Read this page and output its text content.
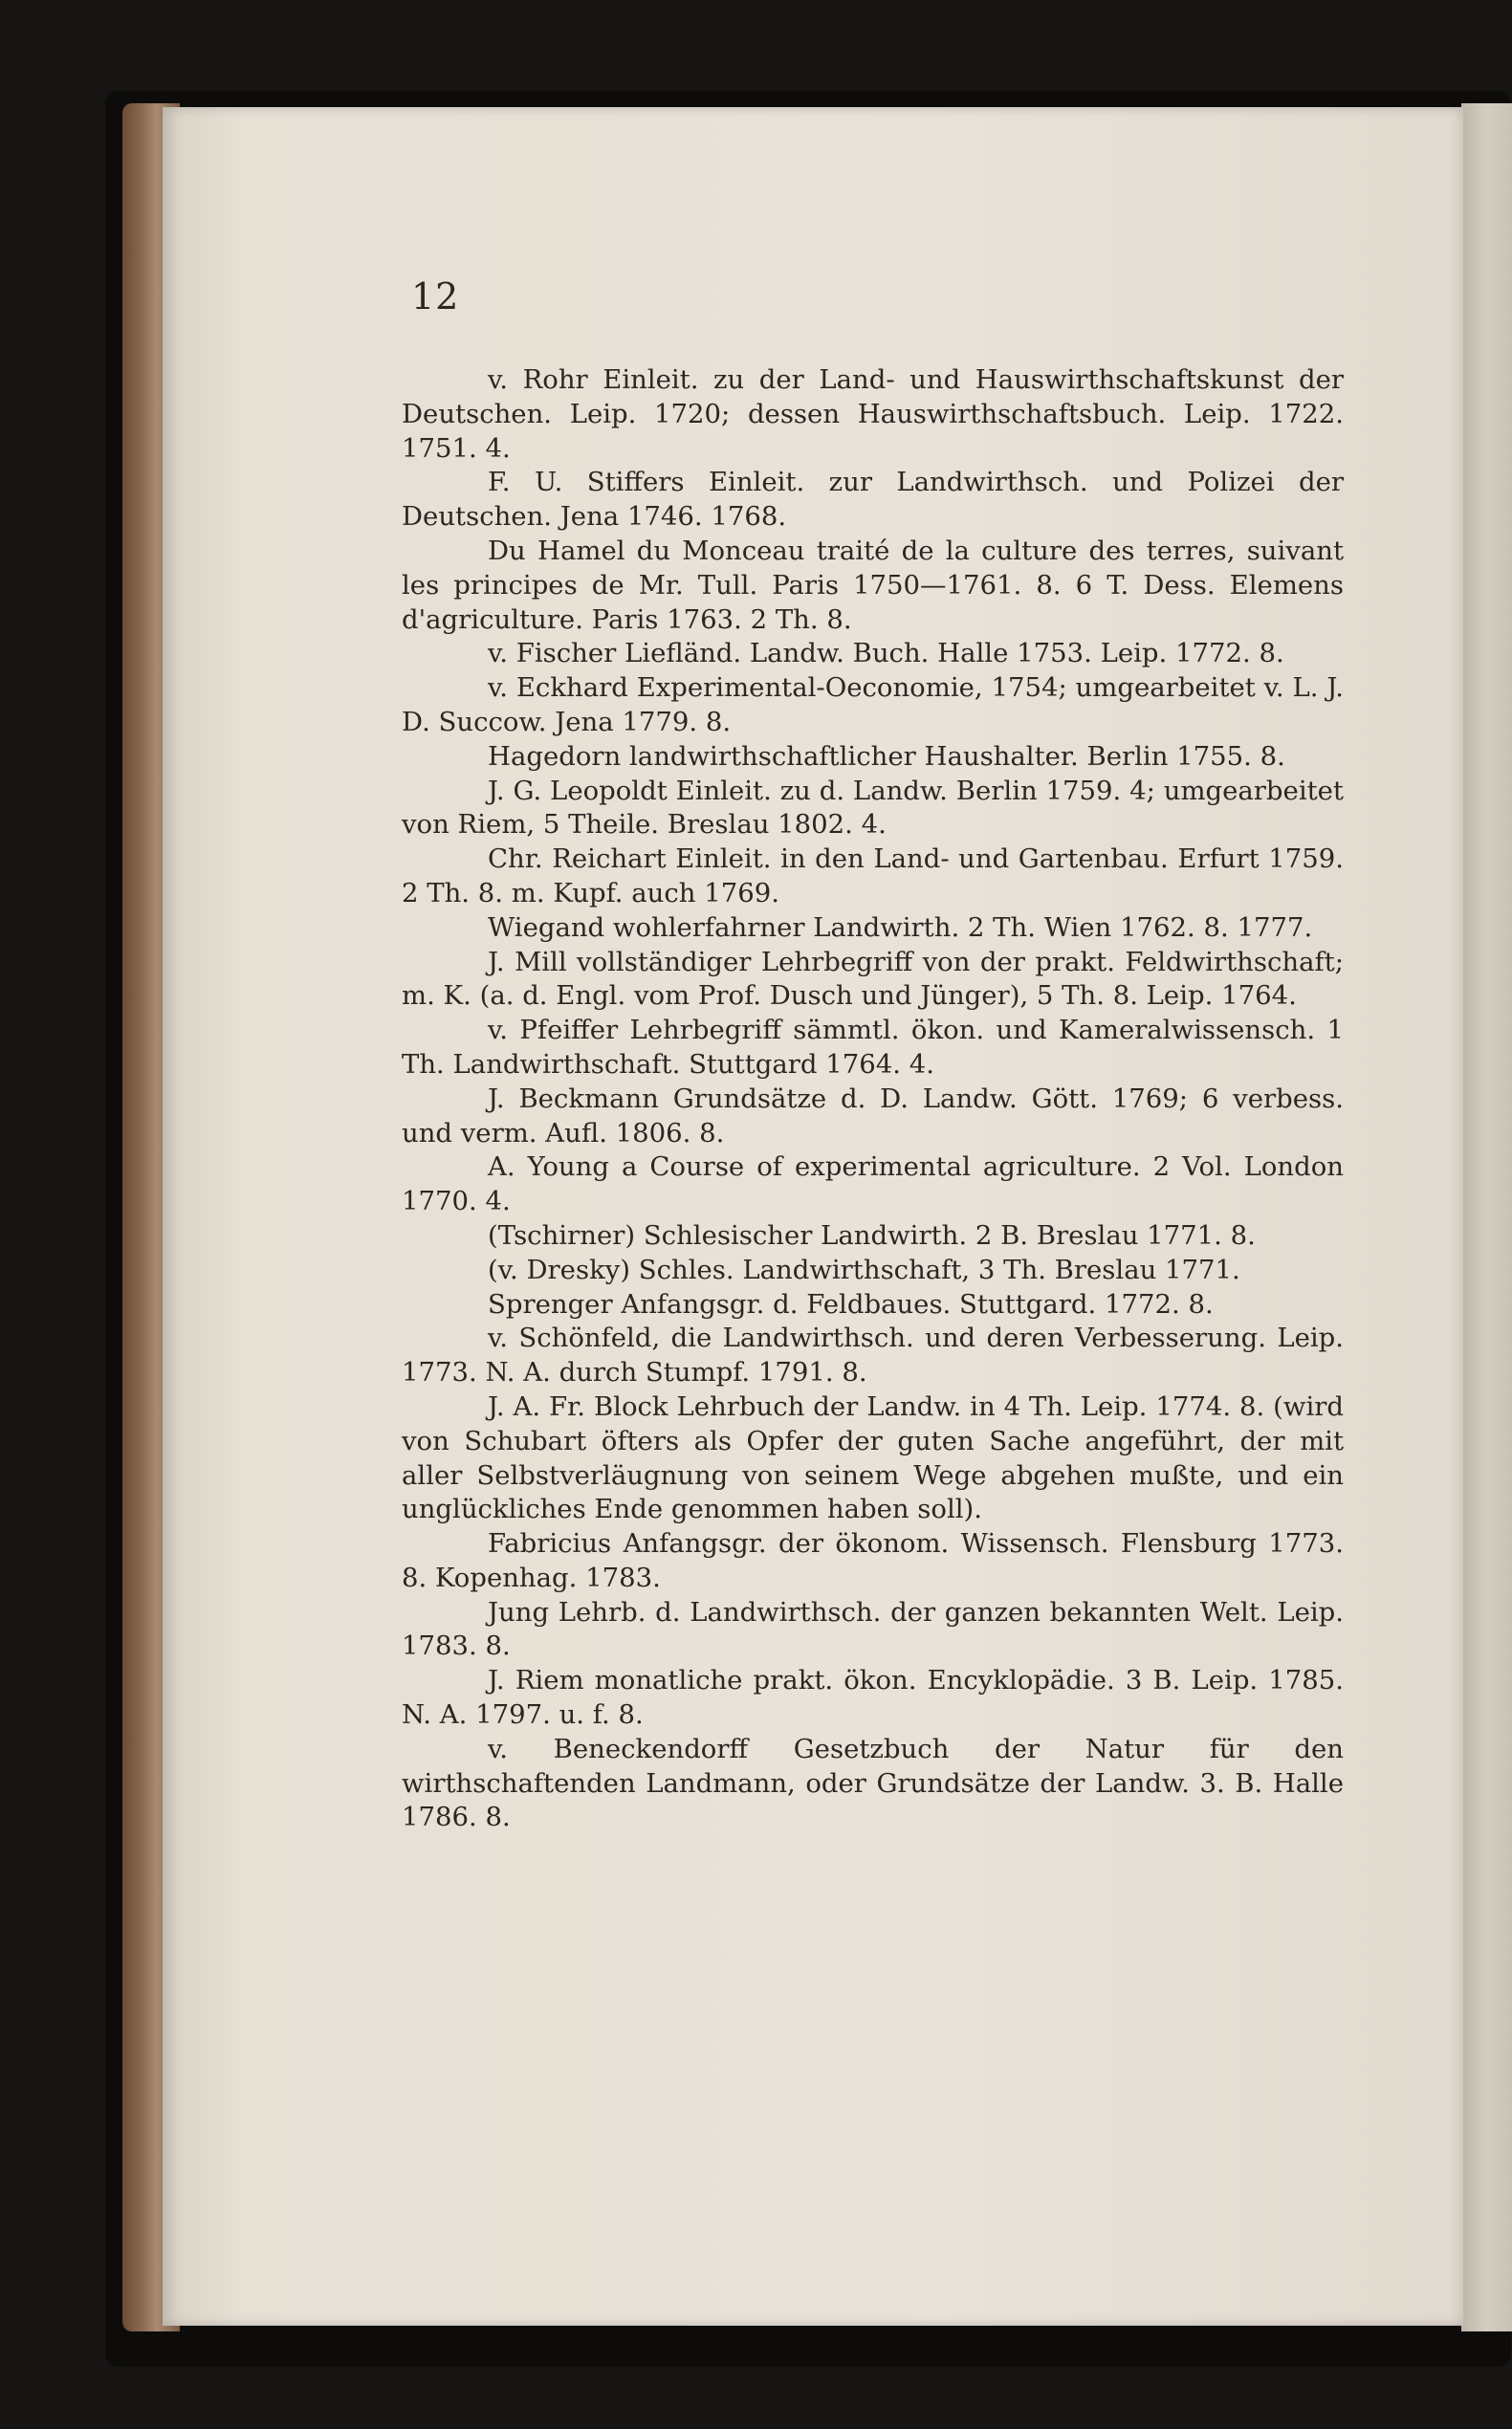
12

v. Rohr Einleit. zu der Land- und Hauswirthschaftskunst der Deutschen. Leip. 1720; dessen Hauswirthschaftsbuch. Leip. 1722. 1751. 4.

F. U. Stiffers Einleit. zur Landwirthsch. und Polizei der Deutschen. Jena 1746. 1768.

Du Hamel du Monceau traité de la culture des terres, suivant les principes de Mr. Tull. Paris 1750—1761. 8. 6 T. Dess. Elemens d'agriculture. Paris 1763. 2 Th. 8.

v. Fischer Liefländ. Landw. Buch. Halle 1753. Leip. 1772. 8.

v. Eckhard Experimental-Oeconomie, 1754; umgearbeitet v. L. J. D. Succow. Jena 1779. 8.

Hagedorn landwirthschaftlicher Haushalter. Berlin 1755. 8.

J. G. Leopoldt Einleit. zu d. Landw. Berlin 1759. 4; umgearbeitet von Riem, 5 Theile. Breslau 1802. 4.

Chr. Reichart Einleit. in den Land- und Gartenbau. Erfurt 1759. 2 Th. 8. m. Kupf. auch 1769.

Wiegand wohlerfahrner Landwirth. 2 Th. Wien 1762. 8. 1777.

J. Mill vollständiger Lehrbegriff von der prakt. Feldwirthschaft; m. K. (a. d. Engl. vom Prof. Dusch und Jünger), 5 Th. 8. Leip. 1764.

v. Pfeiffer Lehrbegriff sämmtl. ökon. und Kameralwissensch. 1 Th. Landwirthschaft. Stuttgard 1764. 4.

J. Beckmann Grundsätze d. D. Landw. Gött. 1769; 6 verbess. und verm. Aufl. 1806. 8.

A. Young a Course of experimental agriculture. 2 Vol. London 1770. 4.

(Tschirner) Schlesischer Landwirth. 2 B. Breslau 1771. 8.

(v. Dresky) Schles. Landwirthschaft, 3 Th. Breslau 1771.

Sprenger Anfangsgr. d. Feldbaues. Stuttgard. 1772. 8.

v. Schönfeld, die Landwirthsch. und deren Verbesserung. Leip. 1773. N. A. durch Stumpf. 1791. 8.

J. A. Fr. Block Lehrbuch der Landw. in 4 Th. Leip. 1774. 8. (wird von Schubart öfters als Opfer der guten Sache angeführt, der mit aller Selbstverläugnung von seinem Wege abgehen mußte, und ein unglückliches Ende genommen haben soll).

Fabricius Anfangsgr. der ökonom. Wissensch. Flensburg 1773. 8. Kopenhag. 1783.

Jung Lehrb. d. Landwirthsch. der ganzen bekannten Welt. Leip. 1783. 8.

J. Riem monatliche prakt. ökon. Encyklopädie. 3 B. Leip. 1785. N. A. 1797. u. f. 8.

v. Beneckendorff Gesetzbuch der Natur für den wirthschaftenden Landmann, oder Grundsätze der Landw. 3. B. Halle 1786. 8.
